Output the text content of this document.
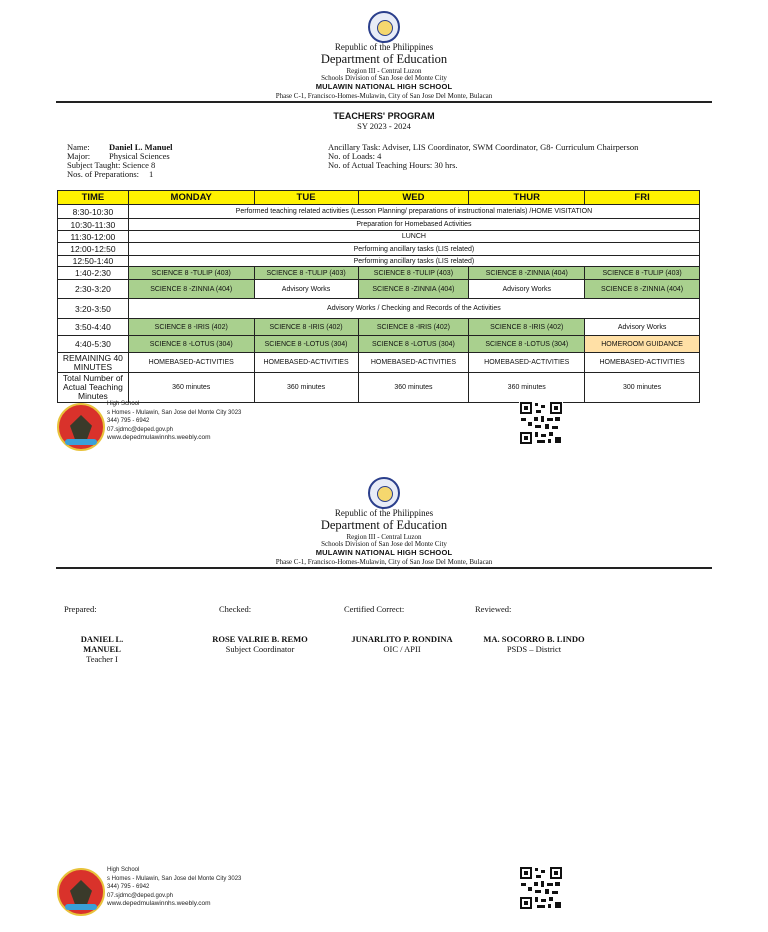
Republic of the Philippines
Department of Education
Region III - Central Luzon
Schools Division of San Jose del Monte City
MULAWIN NATIONAL HIGH SCHOOL
Phase C-1, Francisco-Homes-Mulawin, City of San Jose Del Monte, Bulacan
TEACHERS' PROGRAM
SY 2023 - 2024
Name: Daniel L. Manuel
Major: Physical Sciences
Subject Taught: Science 8
Nos. of Preparations: 1
Ancillary Task: Adviser, LIS Coordinator, SWM Coordinator, G8- Curriculum Chairperson
No. of Loads: 4
No. of Actual Teaching Hours: 30 hrs.
TIME	MONDAY	TUE	WED	THUR	FRI
8:30-10:30	Performed teaching related activities (Lesson Planning/ preparations of instructional materials) /HOME VISITATION				
10:30-11:30	Preparation for Homebased Activities				
11:30-12:00	LUNCH				
12:00-12:50	Performing ancillary tasks (LIS related)				
12:50-1:40	Performing ancillary tasks (LIS related)				
1:40-2:30	SCIENCE 8 -TULIP (403)	SCIENCE 8 -TULIP (403)	SCIENCE 8 -TULIP (403)	SCIENCE 8 -ZINNIA (404)	SCIENCE 8 -TULIP (403)
2:30-3:20	SCIENCE 8 -ZINNIA (404)	Advisory Works	SCIENCE 8 -ZINNIA (404)	Advisory Works	SCIENCE 8 -ZINNIA (404)
3:20-3:50	Advisory Works / Checking and Records of the Activities				
3:50-4:40	SCIENCE 8 -IRIS (402)	SCIENCE 8 -IRIS (402)	SCIENCE 8 -IRIS (402)	SCIENCE 8 -IRIS (402)	Advisory Works
4:40-5:30	SCIENCE 8 -LOTUS (304)	SCIENCE 8 -LOTUS (304)	SCIENCE 8 -LOTUS (304)	SCIENCE 8 -LOTUS (304)	HOMEROOM GUIDANCE
REMAINING 40 MINUTES	HOMEBASED-ACTIVITIES	HOMEBASED-ACTIVITIES	HOMEBASED-ACTIVITIES	HOMEBASED-ACTIVITIES	HOMEBASED-ACTIVITIES
Total Number of Actual Teaching Minutes	360 minutes	360 minutes	360 minutes	360 minutes	300 minutes
High School
s Homes - Mulawin, San Jose del Monte City 3023
344) 795 - 6942
07.sjdmc@deped.gov.ph
www.depedmulawinnhs.weebly.com
Republic of the Philippines
Department of Education
Region III - Central Luzon
Schools Division of San Jose del Monte City
MULAWIN NATIONAL HIGH SCHOOL
Phase C-1, Francisco-Homes-Mulawin, City of San Jose Del Monte, Bulacan
Prepared:	Checked:	Certified Correct:	Reviewed:
DANIEL L. MANUEL
Teacher I
ROSE VALRIE B. REMO
Subject Coordinator
JUNARLITO P. RONDINA
OIC / APII
MA. SOCORRO B. LINDO
PSDS – District
High School
s Homes - Mulawin, San Jose del Monte City 3023
344) 795 - 6942
07.sjdmc@deped.gov.ph
www.depedmulawinnhs.weebly.com
